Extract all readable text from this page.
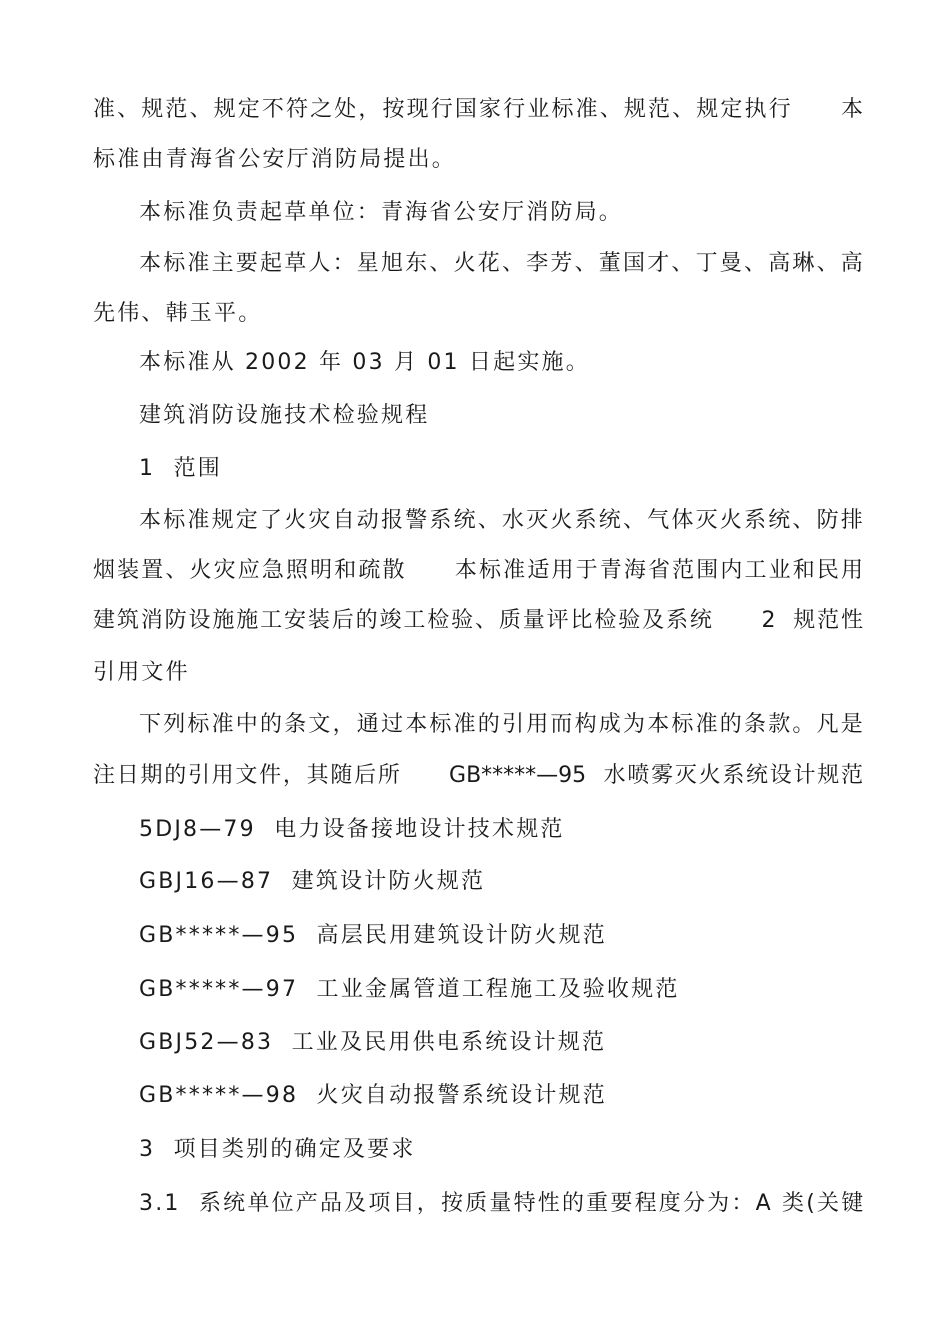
准、规范、规定不符之处，按现行国家行业标准、规范、规定执行　　本
标准由青海省公安厅消防局提出。
本标准负责起草单位：青海省公安厅消防局。
本标准主要起草人：星旭东、火花、李芳、董国才、丁曼、高琳、高
先伟、韩玉平。
本标准从 2002 年 03 月 01 日起实施。
建筑消防设施技术检验规程
1  范围
本标准规定了火灾自动报警系统、水灭火系统、气体灭火系统、防排
烟装置、火灾应急照明和疏散　　本标准适用于青海省范围内工业和民用
建筑消防设施施工安装后的竣工检验、质量评比检验及系统　　2  规范性
引用文件
下列标准中的条文，通过本标准的引用而构成为本标准的条款。凡是
注日期的引用文件，其随后所　　GB*****—95  水喷雾灭火系统设计规范
5DJ8—79  电力设备接地设计技术规范
GBJ16—87  建筑设计防火规范
GB*****—95  高层民用建筑设计防火规范
GB*****—97  工业金属管道工程施工及验收规范
GBJ52—83  工业及民用供电系统设计规范
GB*****—98  火灾自动报警系统设计规范
3  项目类别的确定及要求
3.1  系统单位产品及项目，按质量特性的重要程度分为：A 类(关键
